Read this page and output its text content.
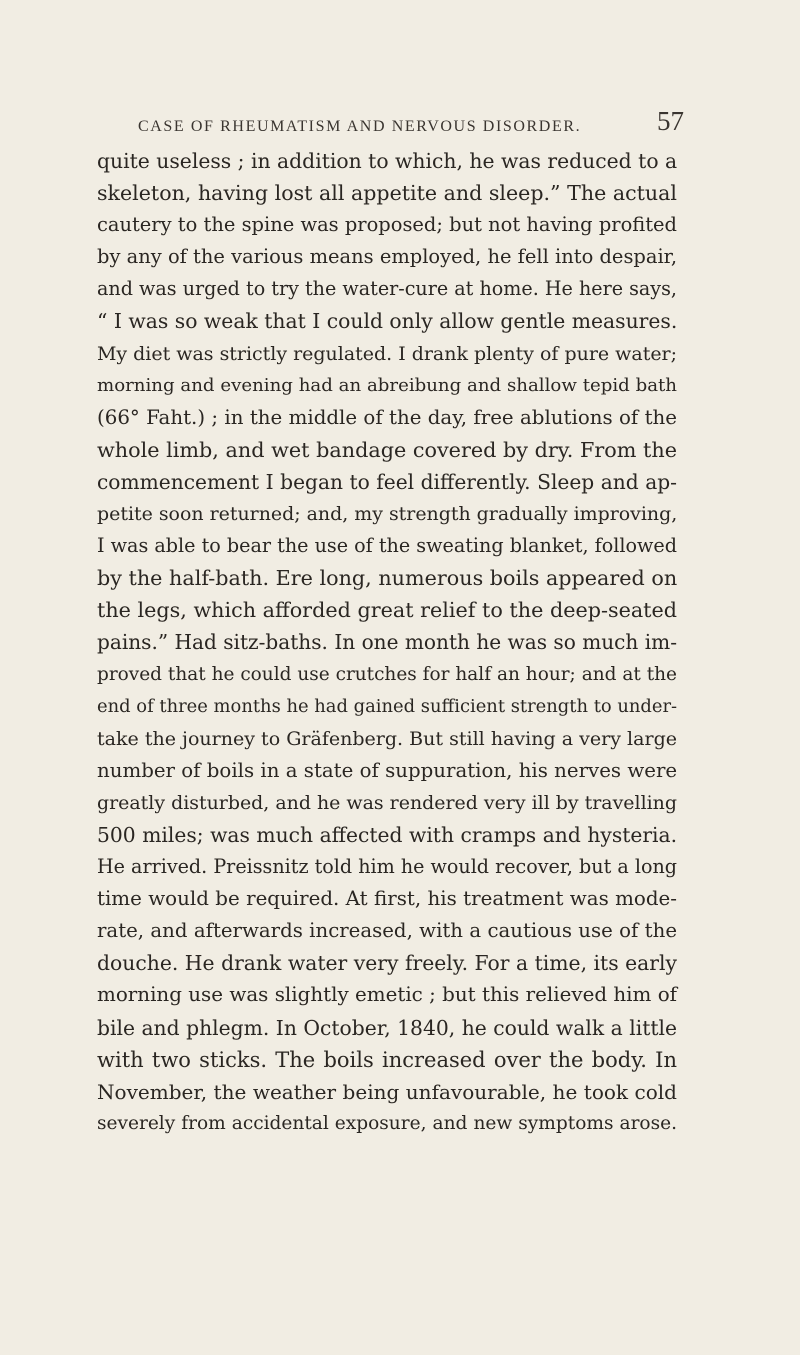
CASE OF RHEUMATISM AND NERVOUS DISORDER.	57
quite useless ; in addition to which, he was reduced to a
skeleton, having lost all appetite and sleep.” The actual
cautery to the spine was proposed; but not having profited
by any of the various means employed, he fell into despair,
and was urged to try the water-cure at home. He here says,
“ I was so weak that I could only allow gentle measures.
My diet was strictly regulated. I drank plenty of pure water;
morning and evening had an abreibung and shallow tepid bath
(66° Faht.) ; in the middle of the day, free ablutions of the
whole limb, and wet bandage covered by dry. From the
commencement I began to feel differently. Sleep and ap-
petite soon returned; and, my strength gradually improving,
I was able to bear the use of the sweating blanket, followed
by the half-bath. Ere long, numerous boils appeared on
the legs, which afforded great relief to the deep-seated
pains.” Had sitz-baths. In one month he was so much im-
proved that he could use crutches for half an hour; and at the
end of three months he had gained sufficient strength to under-
take the journey to Gräfenberg. But still having a very large
number of boils in a state of suppuration, his nerves were
greatly disturbed, and he was rendered very ill by travelling
500 miles; was much affected with cramps and hysteria.
He arrived. Preissnitz told him he would recover, but a long
time would be required. At first, his treatment was mode-
rate, and afterwards increased, with a cautious use of the
douche. He drank water very freely. For a time, its early
morning use was slightly emetic ; but this relieved him of
bile and phlegm. In October, 1840, he could walk a little
with two sticks. The boils increased over the body. In
November, the weather being unfavourable, he took cold
severely from accidental exposure, and new symptoms arose.
